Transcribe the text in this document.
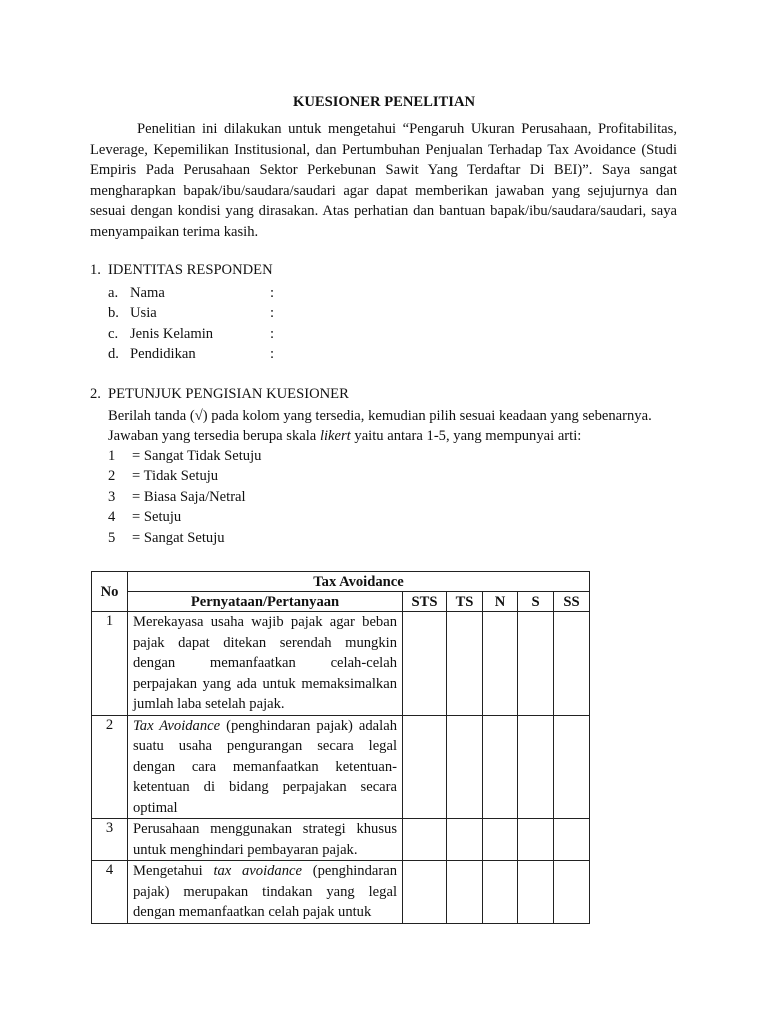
KUESIONER PENELITIAN

Penelitian ini dilakukan untuk mengetahui “Pengaruh Ukuran Perusahaan, Profitabilitas, Leverage, Kepemilikan Institusional, dan Pertumbuhan Penjualan Terhadap Tax Avoidance (Studi Empiris Pada Perusahaan Sektor Perkebunan Sawit Yang Terdaftar Di BEI)”. Saya sangat mengharapkan bapak/ibu/saudara/saudari agar dapat memberikan jawaban yang sejujurnya dan sesuai dengan kondisi yang dirasakan. Atas perhatian dan bantuan bapak/ibu/saudara/saudari, saya menyampaikan terima kasih.

1. IDENTITAS RESPONDEN
a. Nama	:
b. Usia	:
c. Jenis Kelamin	:
d. Pendidikan	:
2. PETUNJUK PENGISIAN KUESIONER
Berilah tanda (√) pada kolom yang tersedia, kemudian pilih sesuai keadaan yang sebenarnya.
Jawaban yang tersedia berupa skala likert yaitu antara 1-5, yang mempunyai arti:
1 = Sangat Tidak Setuju
2 = Tidak Setuju
3 = Biasa Saja/Netral
4 = Setuju
5 = Sangat Setuju
No	Tax Avoidance					
	Pernyataan/Pertanyaan	STS	TS	N	S	SS
1	Merekayasa usaha wajib pajak agar beban pajak dapat ditekan serendah mungkin dengan memanfaatkan celah-celah perpajakan yang ada untuk memaksimalkan jumlah laba setelah pajak.					
2	Tax Avoidance (penghindaran pajak) adalah suatu usaha pengurangan secara legal dengan cara memanfaatkan ketentuan-ketentuan di bidang perpajakan secara optimal					
3	Perusahaan menggunakan strategi khusus untuk menghindari pembayaran pajak.					
4	Mengetahui tax avoidance (penghindaran pajak) merupakan tindakan yang legal dengan memanfaatkan celah pajak untuk					
